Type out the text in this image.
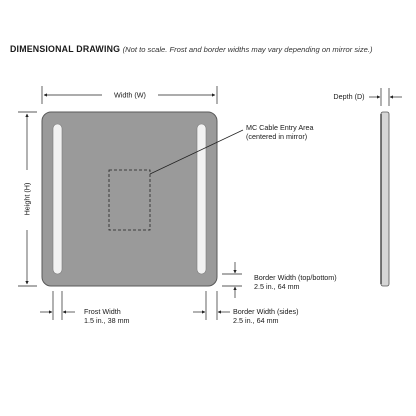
DIMENSIONAL DRAWING (Not to scale. Frost and border widths may vary depending on mirror size.)
Width (W)
Height (H)
Depth (D)
MC Cable Entry Area
(centered in mirror)
Border Width (top/bottom)
2.5 in., 64 mm
Frost Width
1.5 in., 38 mm
Border Width (sides)
2.5 in., 64 mm
